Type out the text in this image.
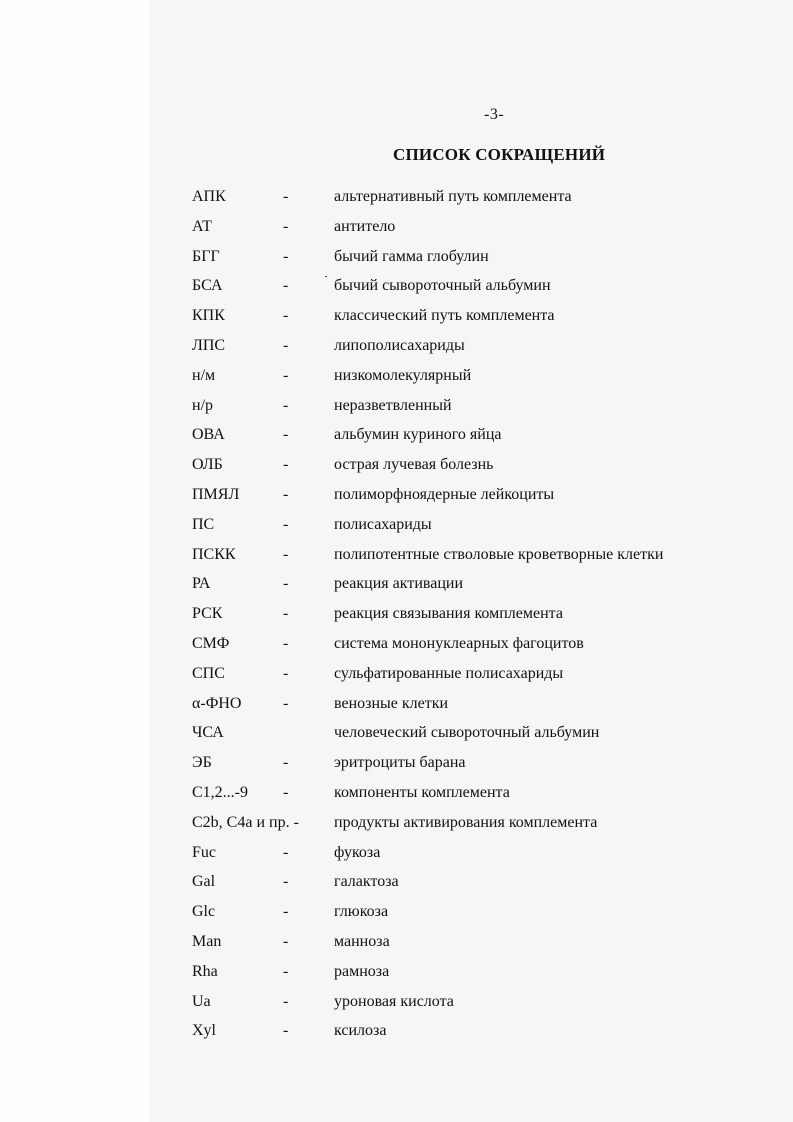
-3-
СПИСОК СОКРАЩЕНИЙ
АПК	-	альтернативный путь комплемента
АТ	-	антитело
БГГ	-	бычий гамма глобулин
БСА	-	бычий сывороточный альбумин
КПК	-	классический путь комплемента
ЛПС	-	липополисахариды
н/м	-	низкомолекулярный
н/р	-	неразветвленный
ОВА	-	альбумин куриного яйца
ОЛБ	-	острая лучевая болезнь
ПМЯЛ	-	полиморфноядерные лейкоциты
ПС	-	полисахариды
ПСКК	-	полипотентные стволовые кроветворные клетки
РА	-	реакция активации
РСК	-	реакция связывания комплемента
СМФ	-	система мононуклеарных фагоцитов
СПС	-	сульфатированные полисахариды
α-ФНО	-	венозные клетки
ЧСА	человеческий сывороточный альбумин
ЭБ	-	эритроциты барана
С1,2...-9 -	компоненты комплемента
С2b, С4а и пр. - продукты активирования комплемента
Fuc	-	фукоза
Gal	-	галактоза
Glc	-	глюкоза
Man	-	манноза
Rha	-	рамноза
Ua	-	уроновая кислота
Xyl	-	ксилоза
